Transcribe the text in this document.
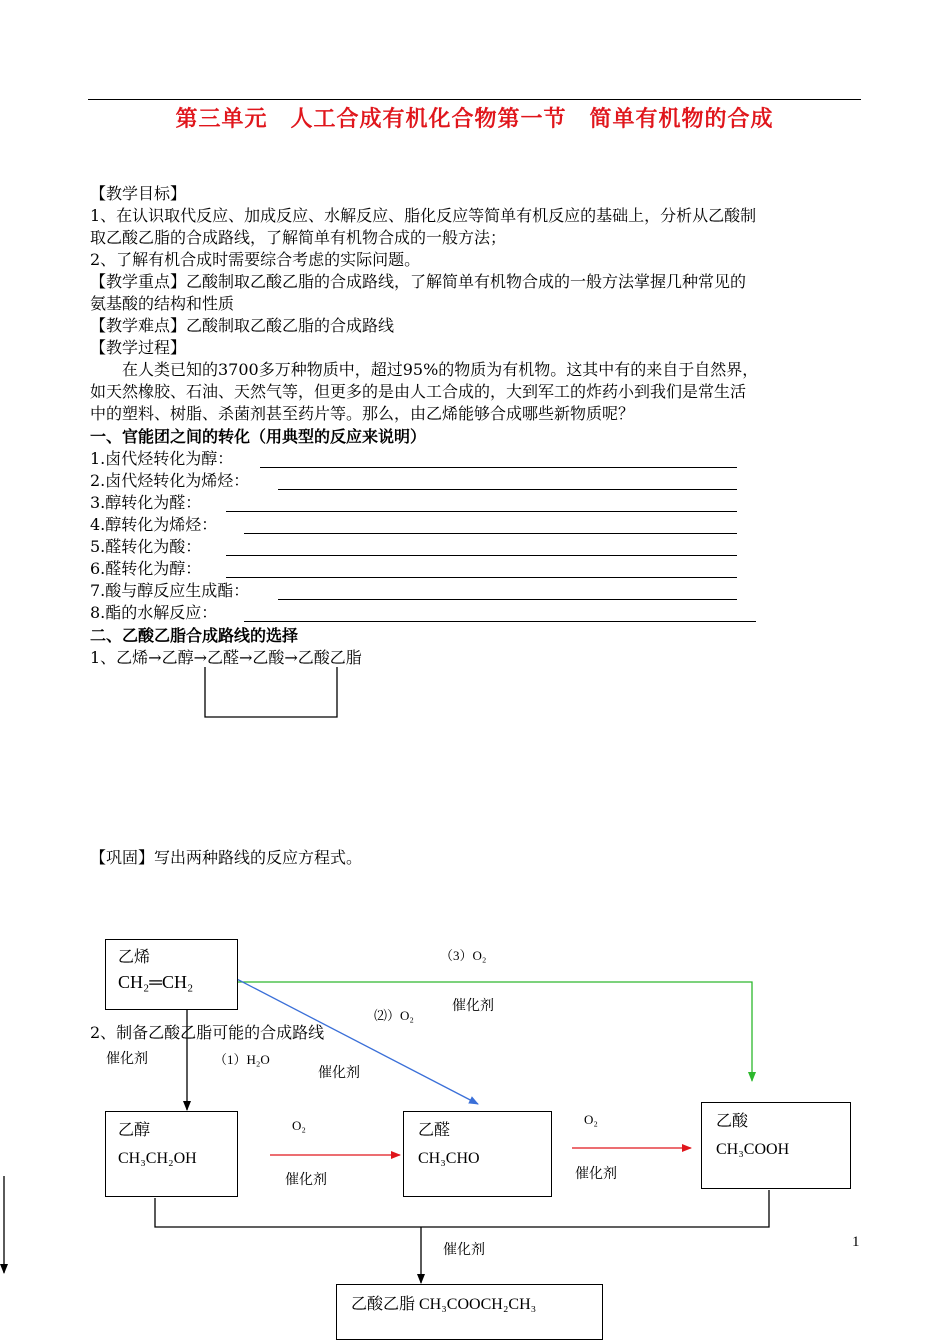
第三单元　人工合成有机化合物第一节　简单有机物的合成
【教学目标】
1、在认识取代反应、加成反应、水解反应、脂化反应等简单有机反应的基础上，分析从乙酸制
取乙酸乙脂的合成路线，了解简单有机物合成的一般方法；
2、了解有机合成时需要综合考虑的实际问题。
【教学重点】乙酸制取乙酸乙脂的合成路线，了解简单有机物合成的一般方法掌握几种常见的
氨基酸的结构和性质
【教学难点】乙酸制取乙酸乙脂的合成路线
【教学过程】
　　在人类已知的3700多万种物质中，超过95%的物质为有机物。这其中有的来自于自然界，
如天然橡胶、石油、天然气等，但更多的是由人工合成的，大到军工的炸药小到我们是常生活
中的塑料、树脂、杀菌剂甚至药片等。那么，由乙烯能够合成哪些新物质呢？
一、官能团之间的转化（用典型的反应来说明）
1.卤代烃转化为醇：
2.卤代烃转化为烯烃：
3.醇转化为醛：
4.醇转化为烯烃：
5.醛转化为酸：
6.醛转化为醇：
7.酸与醇反应生成酯：
8.酯的水解反应：
二、乙酸乙脂合成路线的选择
1、乙烯→乙醇→乙醛→乙酸→乙酸乙脂
【巩固】写出两种路线的反应方程式。
2、制备乙酸乙脂可能的合成路线
乙烯
CH₂═CH₂
乙醇
CH₃CH₂OH
乙醛
CH₃CHO
乙酸
CH₃COOH
乙酸乙脂 CH₃COOCH₂CH₃
（3）O₂
催化剂
⑵）O₂
催化剂
催化剂	（1）H₂O
O₂
催化剂
O₂
催化剂
催化剂
1
